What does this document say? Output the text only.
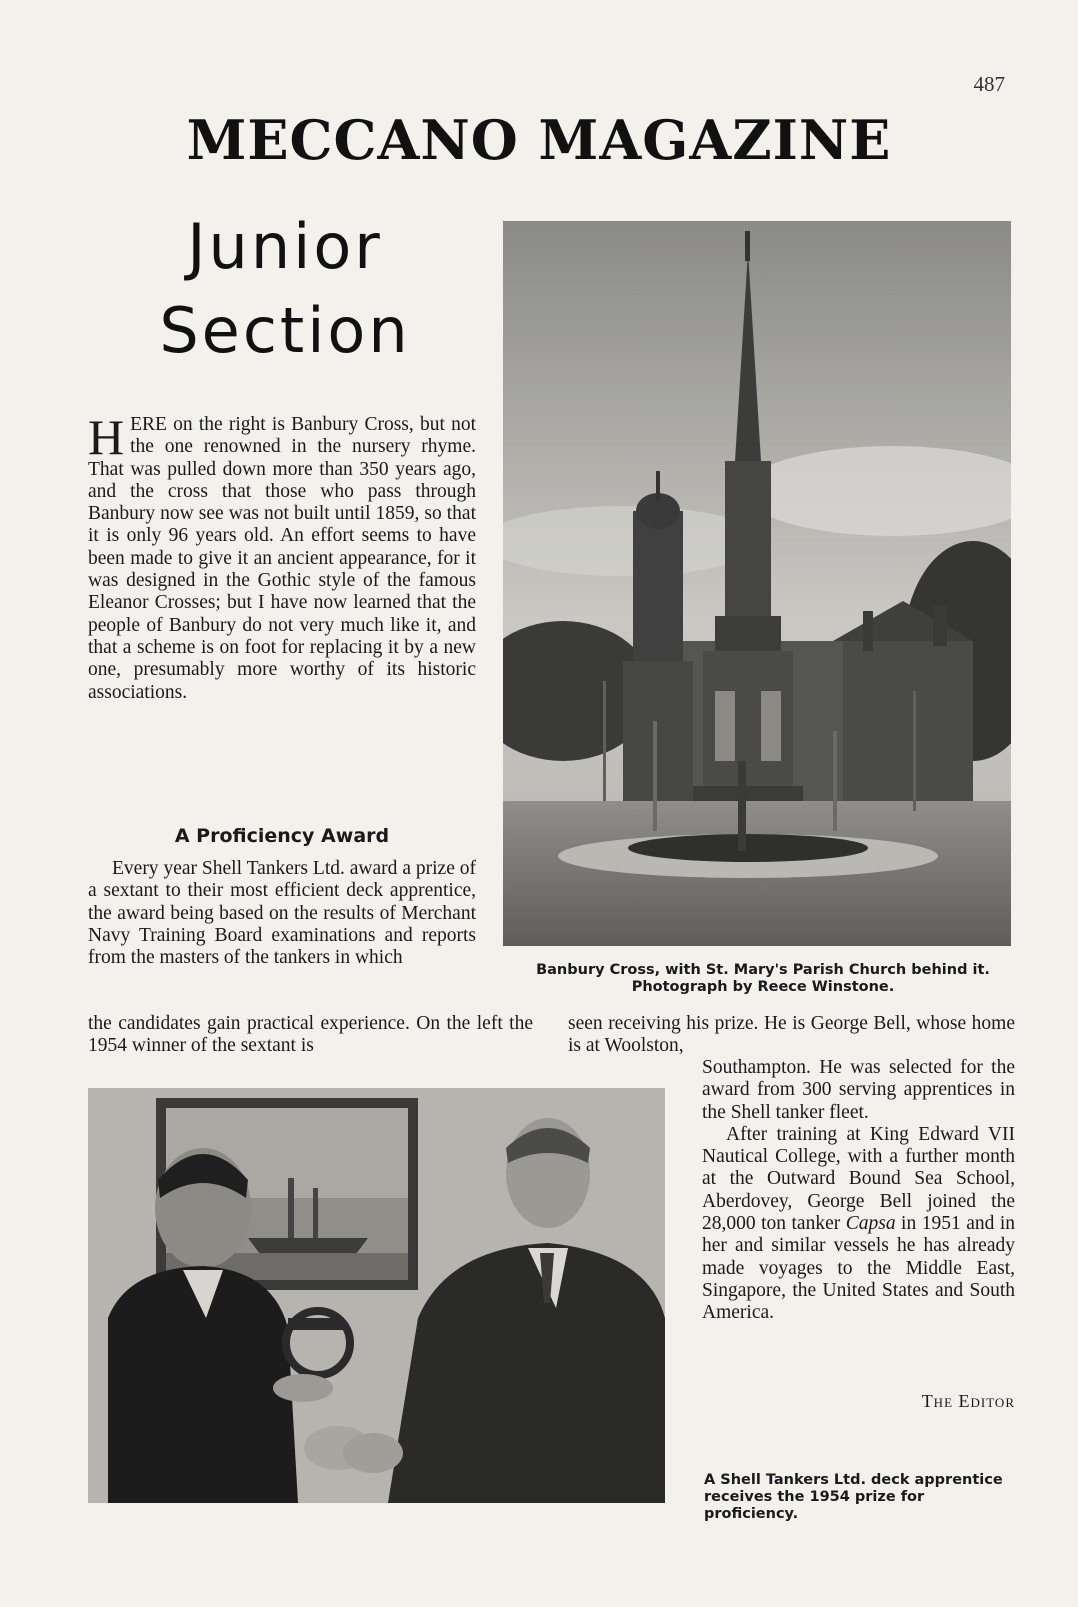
487
MECCANO MAGAZINE
Junior
Section
HERE on the right is Banbury Cross, but not the one renowned in the nursery rhyme. That was pulled down more than 350 years ago, and the cross that those who pass through Banbury now see was not built until 1859, so that it is only 96 years old. An effort seems to have been made to give it an ancient appearance, for it was designed in the Gothic style of the famous Eleanor Crosses; but I have now learned that the people of Banbury do not very much like it, and that a scheme is on foot for replacing it by a new one, presumably more worthy of its historic associations.
A Proficiency Award

Every year Shell Tankers Ltd. award a prize of a sextant to their most efficient deck apprentice, the award being based on the results of Merchant Navy Training Board examinations and reports from the masters of the tankers in which

the candidates gain practical experience. On the left the 1954 winner of the sextant is
seen receiving his prize. He is George Bell, whose home is at Woolston,

Southampton. He was selected for the award from 300 serving apprentices in the Shell tanker fleet.

After training at King Edward VII Nautical College, with a further month at the Outward Bound Sea School, Aberdovey, George Bell joined the 28,000 ton tanker Capsa in 1951 and in her and similar vessels he has already made voyages to the Middle East, Singapore, the United States and South America.

The Editor
Banbury Cross, with St. Mary's Parish Church behind it.
Photograph by Reece Winstone.
A Shell Tankers Ltd. deck apprentice
receives the 1954 prize for proficiency.
